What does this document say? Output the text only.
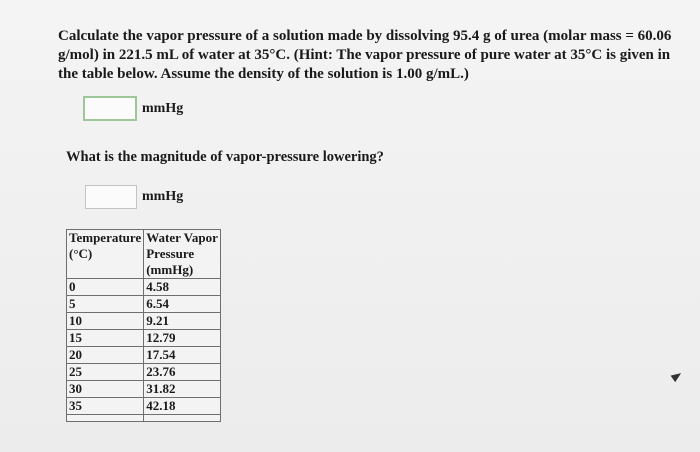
Calculate the vapor pressure of a solution made by dissolving 95.4 g of urea (molar mass = 60.06 g/mol) in 221.5 mL of water at 35°C. (Hint: The vapor pressure of pure water at 35°C is given in the table below. Assume the density of the solution is 1.00 g/mL.)

mmHg

What is the magnitude of vapor-pressure lowering?

mmHg
Temperature (°C)	Water Vapor Pressure (mmHg)
0	4.58
5	6.54
10	9.21
15	12.79
20	17.54
25	23.76
30	31.82
35	42.18
